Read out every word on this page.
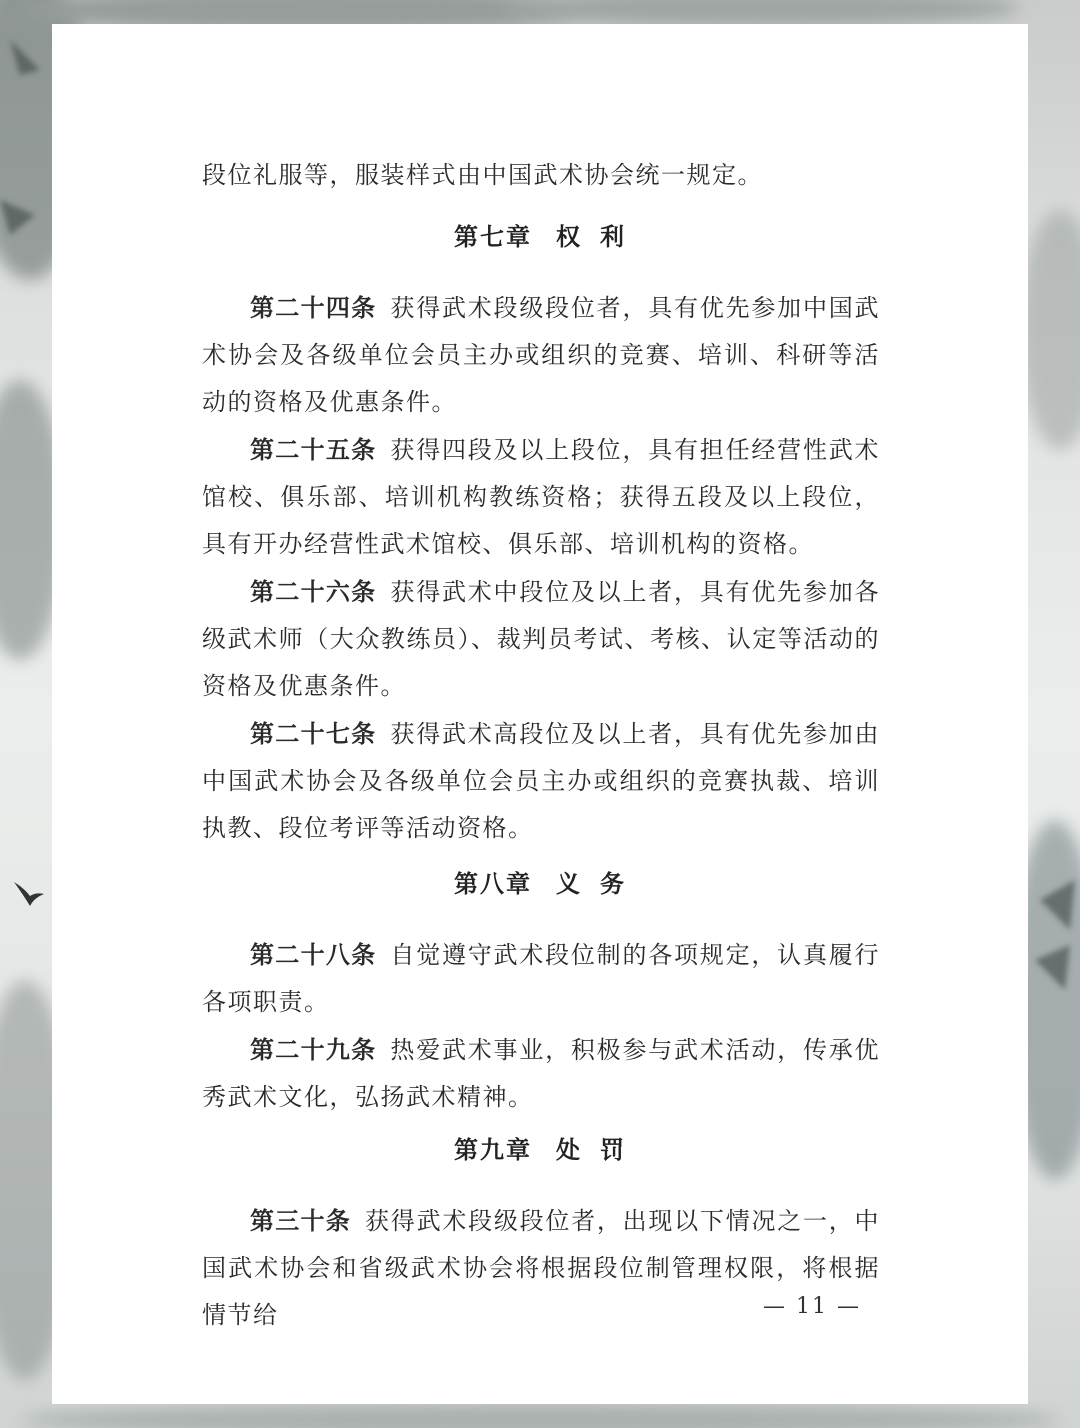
段位礼服等，服装样式由中国武术协会统一规定。

第七章 权 利

第二十四条 获得武术段级段位者，具有优先参加中国武术协会及各级单位会员主办或组织的竞赛、培训、科研等活动的资格及优惠条件。

第二十五条 获得四段及以上段位，具有担任经营性武术馆校、俱乐部、培训机构教练资格；获得五段及以上段位，具有开办经营性武术馆校、俱乐部、培训机构的资格。

第二十六条 获得武术中段位及以上者，具有优先参加各级武术师（大众教练员）、裁判员考试、考核、认定等活动的资格及优惠条件。

第二十七条 获得武术高段位及以上者，具有优先参加由中国武术协会及各级单位会员主办或组织的竞赛执裁、培训执教、段位考评等活动资格。

第八章 义 务

第二十八条 自觉遵守武术段位制的各项规定，认真履行各项职责。

第二十九条 热爱武术事业，积极参与武术活动，传承优秀武术文化，弘扬武术精神。

第九章 处 罚

第三十条 获得武术段级段位者，出现以下情况之一，中国武术协会和省级武术协会将根据段位制管理权限，将根据情节给	— 11 —
